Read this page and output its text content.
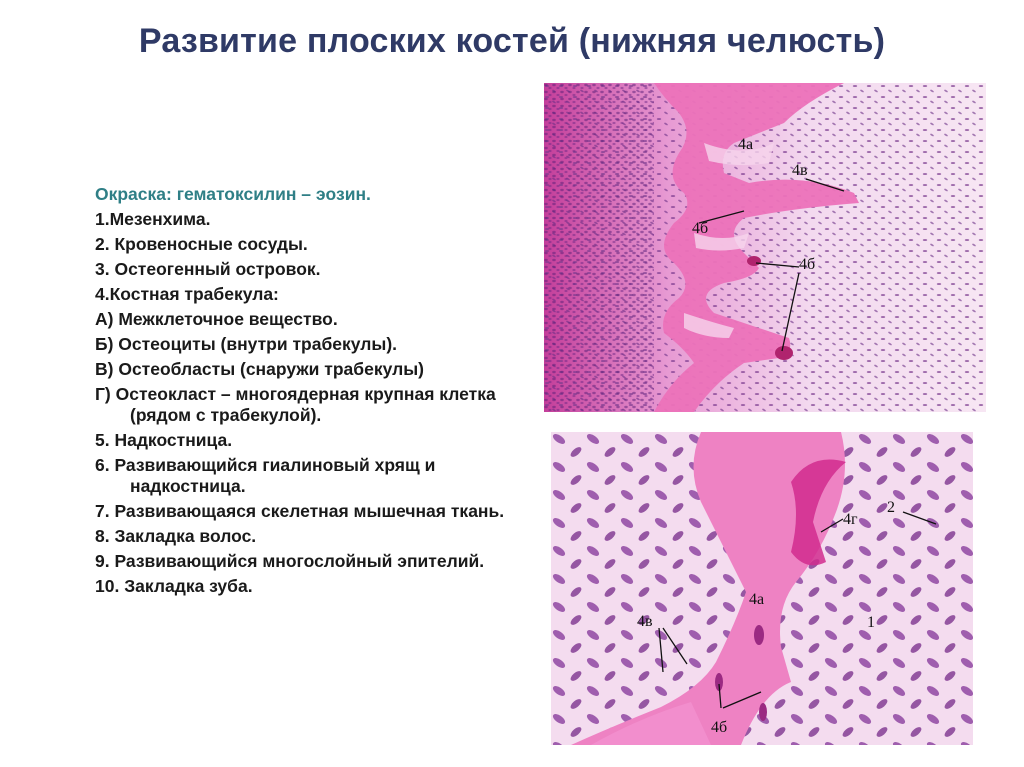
Развитие плоских костей (нижняя челюсть)
Окраска: гематоксилин – эозин.
1.Мезенхима.
2. Кровеносные сосуды.
3. Остеогенный островок.
4.Костная трабекула:
А) Межклеточное вещество.
Б) Остеоциты (внутри трабекулы).
В) Остеобласты (снаружи трабекулы)
Г) Остеокласт – многоядерная крупная клетка (рядом с трабекулой).
5. Надкостница.
6. Развивающийся гиалиновый хрящ и надкостница.
7. Развивающаяся скелетная мышечная ткань.
8. Закладка волос.
9. Развивающийся многослойный эпителий.
10. Закладка зуба.
4а
4б
4б
4в
4г
2
4а
1
4в
4б
